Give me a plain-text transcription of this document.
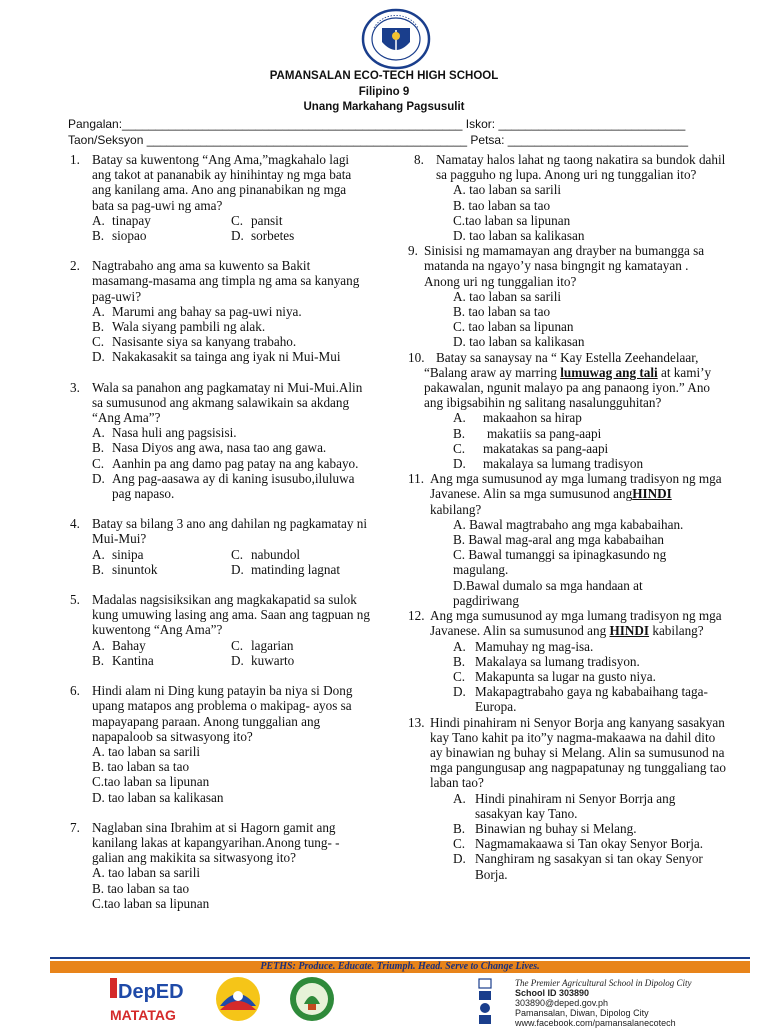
PAMANSALAN ECO-TECH HIGH SCHOOL
Filipino 9
Unang Markahang Pagsusulit
Pangalan:___________________________________________________ Iskor: ____________________________
Taon/Seksyon ________________________________________________ Petsa: ___________________________
1. Batay sa kuwentong “Ang Ama,”magkahalo lagi ang takot at pananabik ay hinihintay ng mga bata ang kanilang ama. Ano ang pinanabikan ng mga bata sa pag-uwi ng ama?
A. tinapay	C. pansit
B. siopao	D. sorbetes
2. Nagtrabaho ang ama sa kuwento sa Bakit masamang-masama ang timpla ng ama sa kanyang pag-uwi?
A. Marumi ang bahay sa pag-uwi niya.
B. Wala siyang pambili ng alak.
C. Nasisante siya sa kanyang trabaho.
D. Nakakasakit sa tainga ang iyak ni Mui-Mui
3. Wala sa panahon ang pagkamatay ni Mui-Mui.Alin sa sumusunod ang akmang salawikain sa akdang “Ang Ama”?
A. Nasa huli ang pagsisisi.
B. Nasa Diyos ang awa, nasa tao ang gawa.
C. Aanhin pa ang damo pag patay na ang kabayo.
D. Ang pag-aasawa ay di kaning isusubo,iluluwa pag napaso.
4. Batay sa bilang 3 ano ang dahilan ng pagkamatay ni Mui-Mui?
A. sinipa	C. nabundol
B. sinuntok	D. matinding lagnat
5. Madalas nagsisiksikan ang magkakapatid sa sulok kung umuwing lasing ang ama. Saan ang tagpuan ng kuwentong “Ang Ama”?
A. Bahay	C. lagarian
B. Kantina	D. kuwarto
6. Hindi alam ni Ding kung patayin ba niya si Dong upang matapos ang problema o makipag- ayos sa mapayapang paraan. Anong tunggalian ang napapaloob sa sitwasyong ito?
A. tao laban sa sarili
B. tao laban sa tao
C.tao laban sa lipunan
D. tao laban sa kalikasan
7. Naglaban sina Ibrahim at si Hagorn gamit ang kanilang lakas at kapangyarihan.Anong tung- -galian ang makikita sa sitwasyong ito?
A. tao laban sa sarili
B. tao laban sa tao
C.tao laban sa lipunan
8. Namatay halos lahat ng taong nakatira sa bundok dahil sa pagguho ng lupa. Anong uri ng tunggalian ito?
A. tao laban sa sarili
B. tao laban sa tao
C.tao laban sa lipunan
D. tao laban sa kalikasan
9. Sinisisi ng mamamayan ang drayber na bumangga sa matanda na ngayo’y nasa bingngit ng kamatayan . Anong uri ng tunggalian ito?
A. tao laban sa sarili
B. tao laban sa tao
C. tao laban sa lipunan
D. tao laban sa kalikasan
10. Batay sa sanaysay na “ Kay Estella Zeehandelaar, “Balang araw ay marring lumuwag ang tali at kami’y pakawalan, ngunit malayo pa ang panaong iyon.” Ano ang ibigsabihin ng salitang nasalungguhitan?
A. makaahon sa hirap
B. makatiis sa pang-aapi
C. makatakas sa pang-aapi
D. makalaya sa lumang tradisyon
11. Ang mga sumusunod ay mga lumang tradisyon ng mga Javanese. Alin sa mga sumusunod angHINDI kabilang?
A. Bawal magtrabaho ang mga kababaihan.
B. Bawal mag-aral ang mga kababaihan
C. Bawal tumanggi sa ipinagkasundo ng magulang.
D.Bawal dumalo sa mga handaan at pagdiriwang
12. Ang mga sumusunod ay mga lumang tradisyon ng mga Javanese. Alin sa sumusunod ang HINDI kabilang?
A. Mamuhay ng mag-isa.
B. Makalaya sa lumang tradisyon.
C. Makapunta sa lugar na gusto niya.
D. Makapagtrabaho gaya ng kababaihang taga-Europa.
13. Hindi pinahiram ni Senyor Borja ang kanyang sasakyan kay Tano kahit pa ito”y nagma-makaawa na dahil dito ay binawian ng buhay si Melang. Alin sa sumusunod na mga pangungusap ang nagpapatunay ng tunggaliang tao laban tao?
A. Hindi pinahiram ni Senyor Borrja ang sasakyan kay Tano.
B. Binawian ng buhay si Melang.
C. Nagmamakaawa si Tan okay Senyor Borja.
D. Nanghiram ng sasakyan si tan okay Senyor Borja.
PETHS: Produce. Educate. Triumph. Head. Serve to Change Lives.
DepED
MATATAG
The Premier Agricultural School in Dipolog City
School ID 303890
303890@deped.gov.ph
Pamansalan, Diwan, Dipolog City
www.facebook.com/pamansalanecotech
